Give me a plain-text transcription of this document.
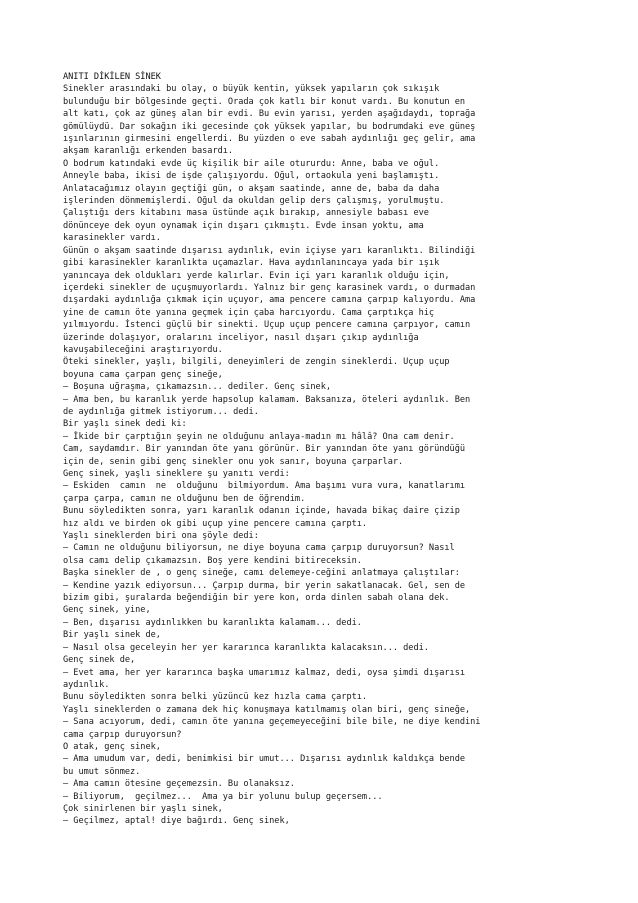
ANITI DİKİLEN SİNEK
Sinekler arasındaki bu olay, o büyük kentin, yüksek yapıların çok sıkışık
bulunduğu bir bölgesinde geçti. Orada çok katlı bir konut vardı. Bu konutun en
alt katı, çok az güneş alan bir evdi. Bu evin yarısı, yerden aşağıdaydı, toprağa
gömülüydü. Dar sokağın iki gecesinde çok yüksek yapılar, bu bodrumdaki eve güneş
ışınlarının girmesini engellerdi. Bu yüzden o eve sabah aydınlığı geç gelir, ama
akşam karanlığı erkenden basardı.
O bodrum katındaki evde üç kişilik bir aile otururdu: Anne, baba ve oğul.
Anneyle baba, ikisi de işde çalışıyordu. Oğul, ortaokula yeni başlamıştı.
Anlatacağımız olayın geçtiği gün, o akşam saatinde, anne de, baba da daha
işlerinden dönmemişlerdi. Oğul da okuldan gelip ders çalışmış, yorulmuştu.
Çalıştığı ders kitabını masa üstünde açık bırakıp, annesiyle babası eve
dönünceye dek oyun oynamak için dışarı çıkmıştı. Evde insan yoktu, ama
karasinekler vardı.
Günün o akşam saatinde dışarısı aydınlık, evin içiyse yarı karanlıktı. Bilindiği
gibi karasinekler karanlıkta uçamazlar. Hava aydınlanıncaya yada bir ışık
yanıncaya dek oldukları yerde kalırlar. Evin içi yarı karanlık olduğu için,
içerdeki sinekler de uçuşmuyorlardı. Yalnız bir genç karasinek vardı, o durmadan
dışardaki aydınlığa çıkmak için uçuyor, ama pencere camına çarpıp kalıyordu. Ama
yine de camın öte yanına geçmek için çaba harcıyordu. Cama çarptıkça hiç
yılmıyordu. İstenci güçlü bir sinekti. Uçup uçup pencere camına çarpıyor, camın
üzerinde dolaşıyor, oralarını inceliyor, nasıl dışarı çıkıp aydınlığa
kavuşabileceğini araştırıyordu.
Öteki sinekler, yaşlı, bilgili, deneyimleri de zengin sineklerdi. Uçup uçup
boyuna cama çarpan genç sineğe,
— Boşuna uğraşma, çıkamazsın... dediler. Genç sinek,
— Ama ben, bu karanlık yerde hapsolup kalamam. Baksanıza, öteleri aydınlık. Ben
de aydınlığa gitmek istiyorum... dedi.
Bir yaşlı sinek dedi ki:
— İkide bir çarptığın şeyin ne olduğunu anlaya-madın mı hâlâ? Ona cam denir.
Cam, saydamdır. Bir yanından öte yanı görünür. Bir yanından öte yanı göründüğü
için de, senin gibi genç sinekler onu yok sanır, boyuna çarparlar.
Genç sinek, yaşlı sineklere şu yanıtı verdi:
— Eskiden  camın  ne  olduğunu  bilmiyordum. Ama başımı vura vura, kanatlarımı
çarpa çarpa, camın ne olduğunu ben de öğrendim.
Bunu söyledikten sonra, yarı karanlık odanın içinde, havada bikaç daire çizip
hız aldı ve birden ok gibi uçup yine pencere camına çarptı.
Yaşlı sineklerden biri ona şöyle dedi:
— Camın ne olduğunu biliyorsun, ne diye boyuna cama çarpıp duruyorsun? Nasıl
olsa camı delip çıkamazsın. Boş yere kendini bitireceksin.
Başka sinekler de , o genç sineğe, camı delemeye-ceğini anlatmaya çalıştılar:
— Kendine yazık ediyorsun... Çarpıp durma, bir yerin sakatlanacak. Gel, sen de
bizim gibi, şuralarda beğendiğin bir yere kon, orda dinlen sabah olana dek.
Genç sinek, yine,
— Ben, dışarısı aydınlıkken bu karanlıkta kalamam... dedi.
Bir yaşlı sinek de,
— Nasıl olsa geceleyin her yer kararınca karanlıkta kalacaksın... dedi.
Genç sinek de,
— Evet ama, her yer kararınca başka umarımız kalmaz, dedi, oysa şimdi dışarısı
aydınlık.
Bunu söyledikten sonra belki yüzüncü kez hızla cama çarptı.
Yaşlı sineklerden o zamana dek hiç konuşmaya katılmamış olan biri, genç sineğe,
— Sana acıyorum, dedi, camın öte yanına geçemeyeceğini bile bile, ne diye kendini
cama çarpıp duruyorsun?
O atak, genç sinek,
— Ama umudum var, dedi, benimkisi bir umut... Dışarısı aydınlık kaldıkça bende
bu umut sönmez.
— Ama camın ötesine geçemezsin. Bu olanaksız.
— Biliyorum,  geçilmez...  Ama ya bir yolunu bulup geçersem...
Çok sinirlenen bir yaşlı sinek,
— Geçilmez, aptal! diye bağırdı. Genç sinek,
